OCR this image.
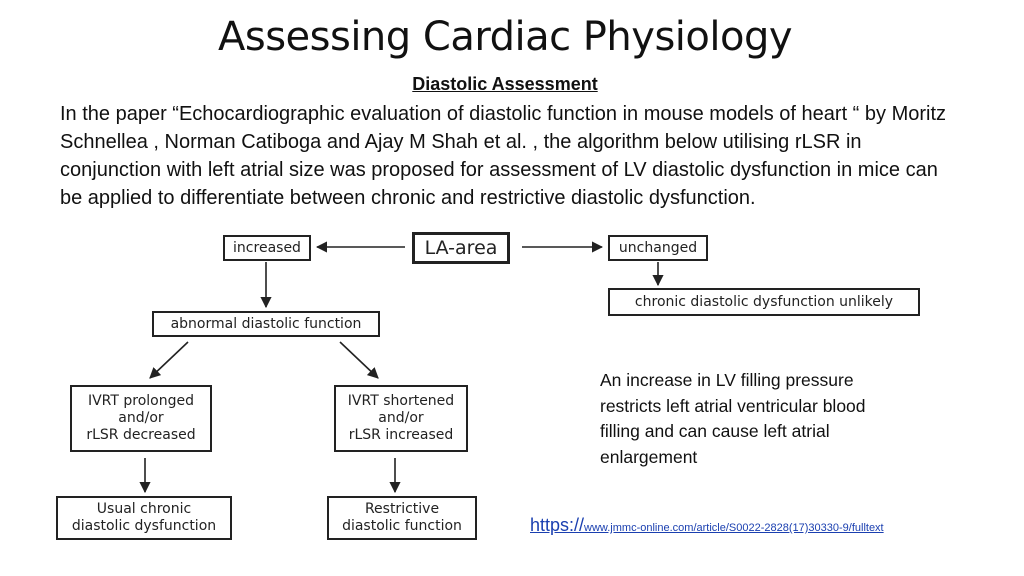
Assessing Cardiac Physiology
Diastolic Assessment

In the paper “Echocardiographic evaluation of diastolic function in mouse models of heart “ by Moritz Schnellea , Norman Catiboga and Ajay M Shah et al. , the algorithm below utilising rLSR in conjunction with left atrial size was proposed for assessment of LV diastolic dysfunction in mice can be applied to differentiate between chronic and restrictive diastolic dysfunction.

LA-area
increased	unchanged
chronic diastolic dysfunction unlikely
abnormal diastolic function
IVRT prolonged
and/or
rLSR decreased
IVRT shortened
and/or
rLSR increased
Usual chronic
diastolic dysfunction
Restrictive
diastolic function
An increase in LV filling pressure restricts left atrial ventricular blood filling and can cause left atrial enlargement
https://www.jmmc-online.com/article/S0022-2828(17)30330-9/fulltext
